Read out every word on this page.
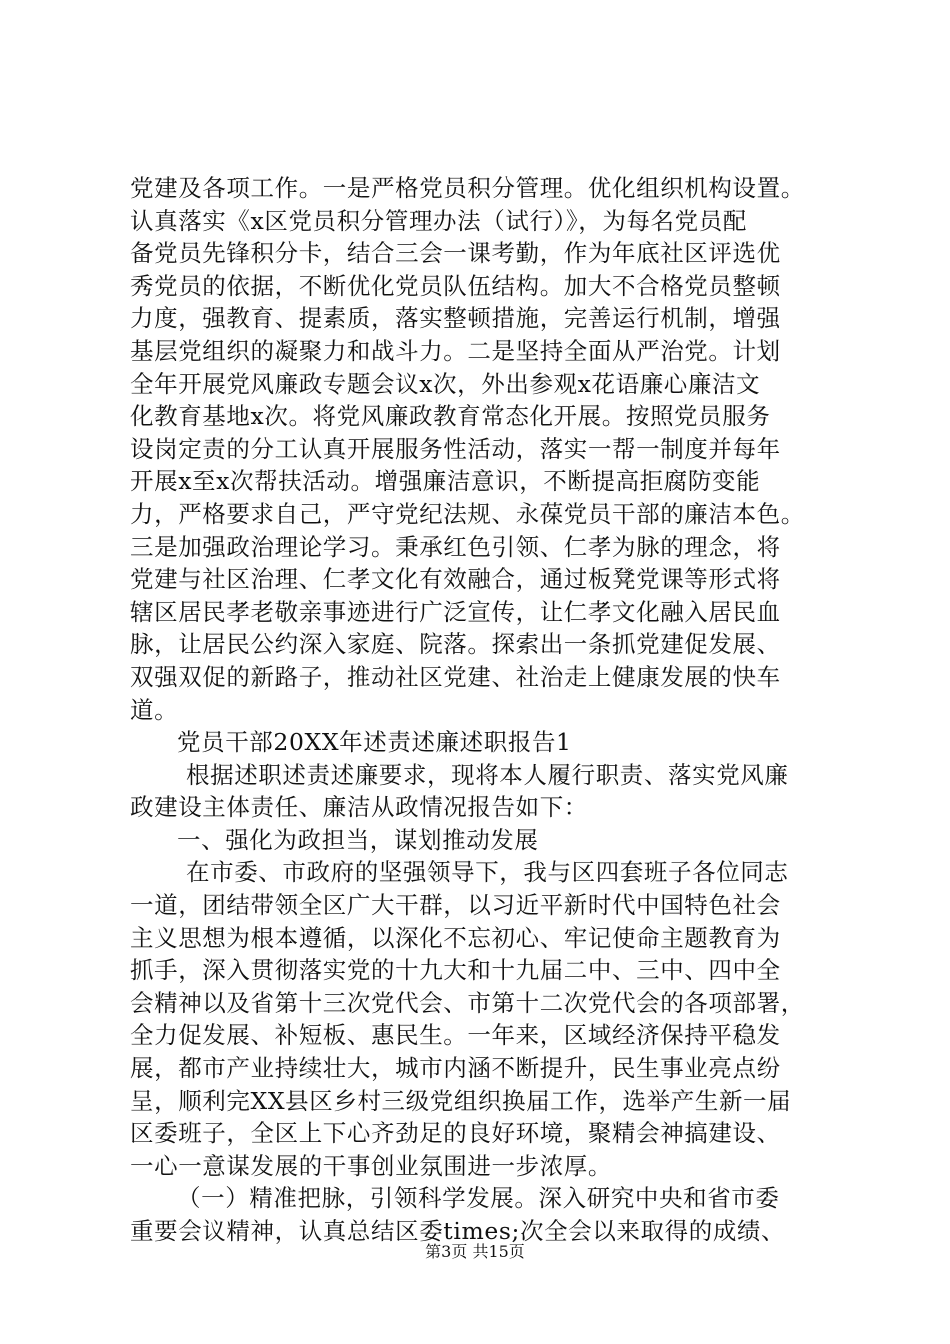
党建及各项工作。一是严格党员积分管理。优化组织机构设置。
认真落实《x区党员积分管理办法（试行）》，为每名党员配
备党员先锋积分卡，结合三会一课考勤，作为年底社区评选优
秀党员的依据，不断优化党员队伍结构。加大不合格党员整顿
力度，强教育、提素质，落实整顿措施，完善运行机制，增强
基层党组织的凝聚力和战斗力。二是坚持全面从严治党。计划
全年开展党风廉政专题会议x次，外出参观x花语廉心廉洁文
化教育基地x次。将党风廉政教育常态化开展。按照党员服务
设岗定责的分工认真开展服务性活动，落实一帮一制度并每年
开展x至x次帮扶活动。增强廉洁意识，不断提高拒腐防变能
力，严格要求自己，严守党纪法规、永葆党员干部的廉洁本色。
三是加强政治理论学习。秉承红色引领、仁孝为脉的理念，将
党建与社区治理、仁孝文化有效融合，通过板凳党课等形式将
辖区居民孝老敬亲事迹进行广泛宣传，让仁孝文化融入居民血
脉，让居民公约深入家庭、院落。探索出一条抓党建促发展、
双强双促的新路子，推动社区党建、社治走上健康发展的快车
道。
党员干部20XX年述责述廉述职报告1
根据述职述责述廉要求，现将本人履行职责、落实党风廉
政建设主体责任、廉洁从政情况报告如下：
一、强化为政担当，谋划推动发展
在市委、市政府的坚强领导下，我与区四套班子各位同志
一道，团结带领全区广大干群，以习近平新时代中国特色社会
主义思想为根本遵循，以深化不忘初心、牢记使命主题教育为
抓手，深入贯彻落实党的十九大和十九届二中、三中、四中全
会精神以及省第十三次党代会、市第十二次党代会的各项部署，
全力促发展、补短板、惠民生。一年来，区域经济保持平稳发
展，都市产业持续壮大，城市内涵不断提升，民生事业亮点纷
呈，顺利完XX县区乡村三级党组织换届工作，选举产生新一届
区委班子，全区上下心齐劲足的良好环境，聚精会神搞建设、
一心一意谋发展的干事创业氛围进一步浓厚。
（一）精准把脉，引领科学发展。深入研究中央和省市委
重要会议精神，认真总结区委times;次全会以来取得的成绩、
第3页 共15页
